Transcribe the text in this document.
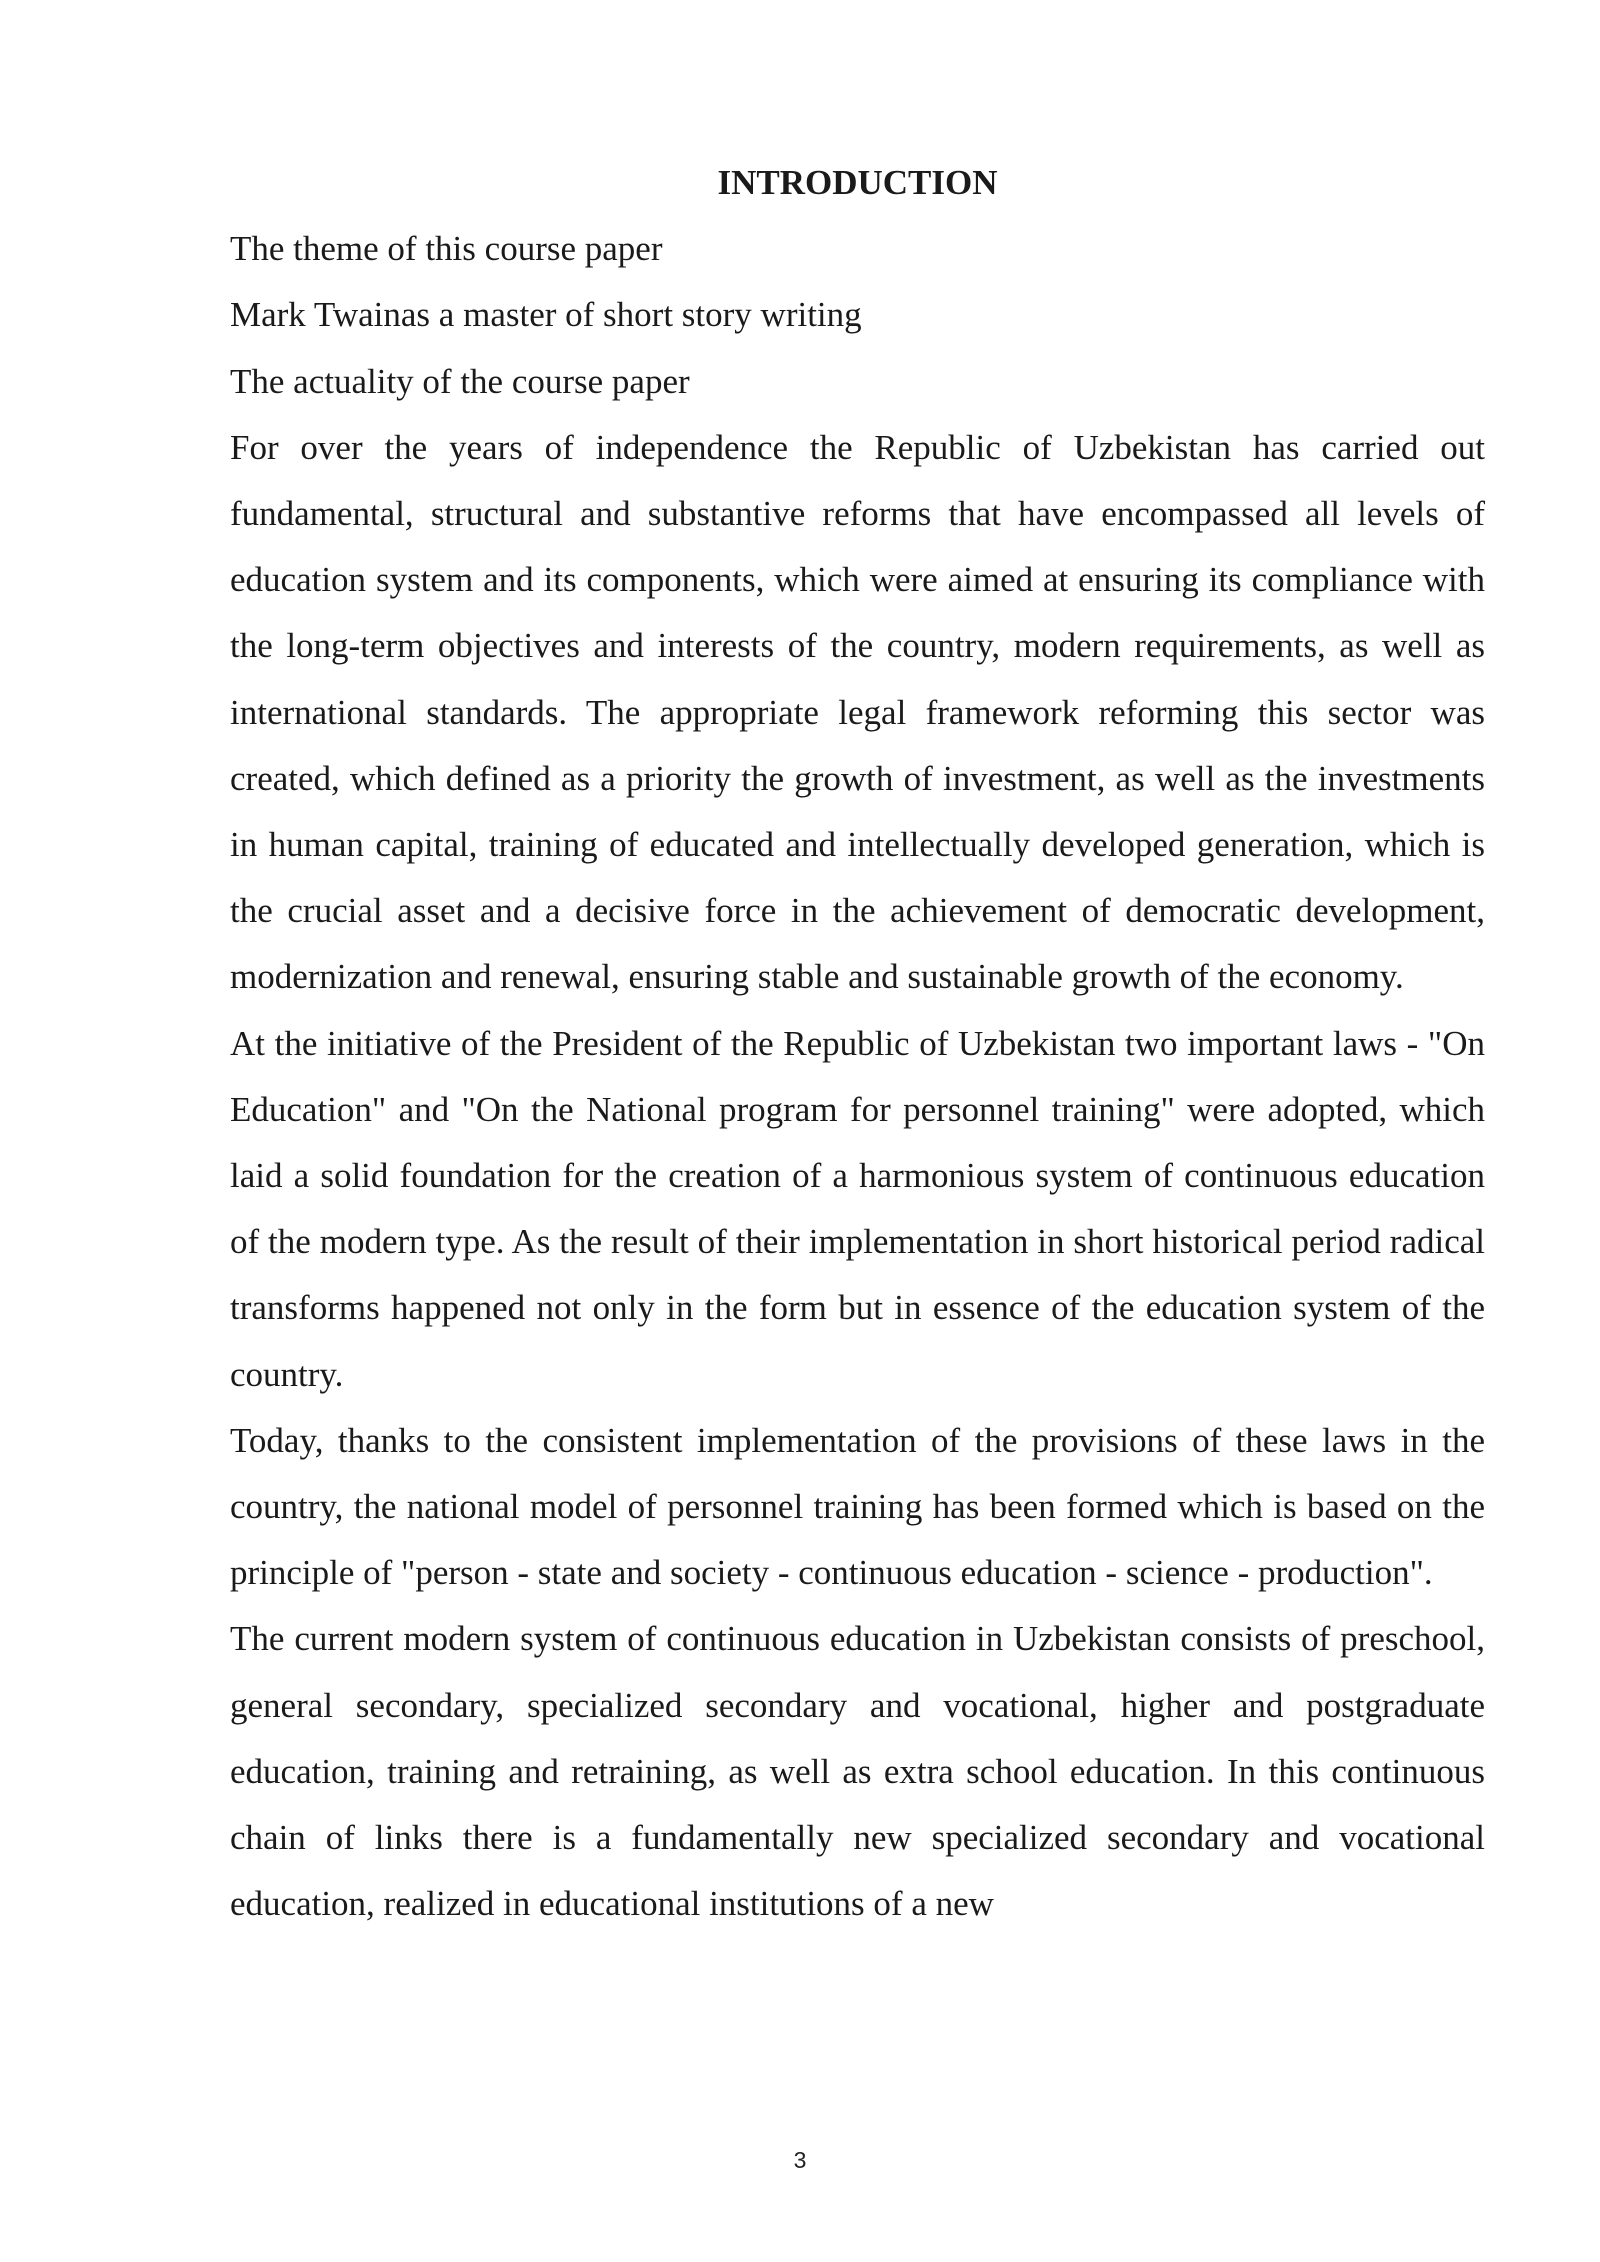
INTRODUCTION

The theme of this course paper

Mark Twainas a master of short story writing

The actuality of the course paper

For over the years of independence the Republic of Uzbekistan has carried out fundamental, structural and substantive reforms that have encompassed all levels of education system and its components, which were aimed at ensuring its compliance with the long-term objectives and interests of the country, modern requirements, as well as international standards. The appropriate legal framework reforming this sector was created, which defined as a priority the growth of investment, as well as the investments in human capital, training of educated and intellectually developed generation, which is the crucial asset and a decisive force in the achievement of democratic development, modernization and renewal, ensuring stable and sustainable growth of the economy.

At the initiative of the President of the Republic of Uzbekistan two important laws - "On Education" and "On the National program for personnel training" were adopted, which laid a solid foundation for the creation of a harmonious system of continuous education of the modern type. As the result of their implementation in short historical period radical transforms happened not only in the form but in essence of the education system of the country.

Today, thanks to the consistent implementation of the provisions of these laws in the country, the national model of personnel training has been formed which is based on the principle of "person - state and society - continuous education - science - production".

The current modern system of continuous education in Uzbekistan consists of preschool, general secondary, specialized secondary and vocational, higher and postgraduate education, training and retraining, as well as extra school education. In this continuous chain of links there is a fundamentally new specialized secondary and vocational education, realized in educational institutions of a new

3
